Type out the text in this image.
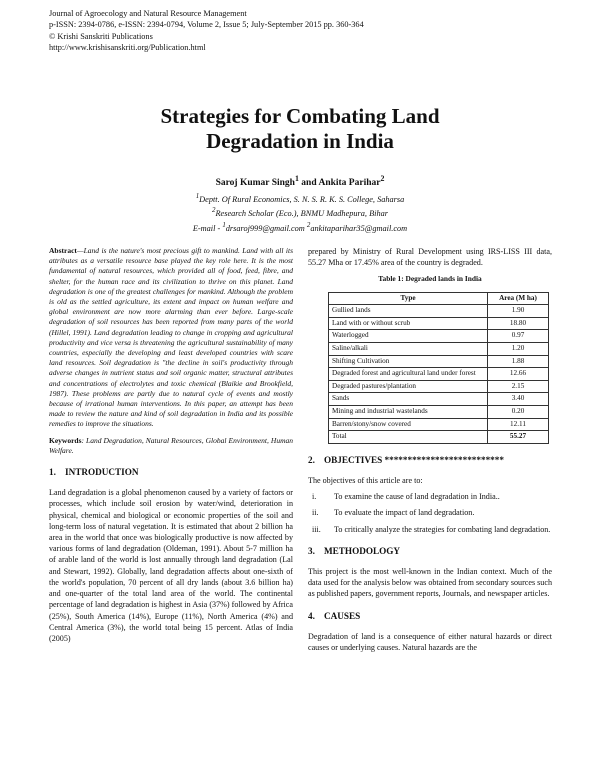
Journal of Agroecology and Natural Resource Management
p-ISSN: 2394-0786, e-ISSN: 2394-0794, Volume 2, Issue 5; July-September 2015 pp. 360-364
© Krishi Sanskriti Publications
http://www.krishisanskriti.org/Publication.html
Strategies for Combating Land
Degradation in India
Saroj Kumar Singh$^1$ and Ankita Parihar$^2$
$^1$Deptt. Of Rural Economics, S. N. S. R. K. S. College, Saharsa
$^2$Research Scholar (Eco.), BNMU Madhepura, Bihar
E-mail - $^1$drsaroj999@gmail.com $^2$ankitaparihar35@gmail.com

Abstract—Land is the nature's most precious gift to mankind. Land with all its attributes as a versatile resource base played the key role here. It is the most fundamental of natural resources, which provided all of food, feed, fibre, and shelter, for the human race and its civilization to thrive on this planet. Land degradation is one of the greatest challenges for mankind. Although the problem is old as the settled agriculture, its extent and impact on human welfare and global environment are now more alarming than ever before. Large-scale degradation of soil resources has been reported from many parts of the world (Hillel, 1991). Land degradation leading to change in cropping and agricultural productivity and vice versa is threatening the agricultural sustainability of many countries, especially the developing and least developed countries with scare land resources. Soil degradation is "the decline in soil's productivity through adverse changes in nutrient status and soil organic matter, structural attributes and concentrations of electrolytes and toxic chemical (Blaikie and Brookfield, 1987). These problems are partly due to natural cycle of events and mostly because of irrational human interventions. In this paper, an attempt has been made to review the nature and kind of soil degradation in India and its possible remedies to improve the situations.

Keywords: Land Degradation, Natural Resources, Global Environment, Human Welfare.

1. INTRODUCTION

Land degradation is a global phenomenon caused by a variety of factors or processes, which include soil erosion by water/wind, deterioration in physical, chemical and biological or economic properties of the soil and long-term loss of natural vegetation. It is estimated that about 2 billion ha area in the world that once was biologically productive is now affected by various forms of land degradation (Oldeman, 1991). About 5-7 million ha of arable land of the world is lost annually through land degradation (Lal and Stewart, 1992). Globally, land degradation affects about one-sixth of the world's population, 70 percent of all dry lands (about 3.6 billion ha) and one-quarter of the total land area of the world. The continental percentage of land degradation is highest in Asia (37%) followed by Africa (25%), South America (14%), Europe (11%), North America (4%) and Central America (3%), the world total being 15 percent. Atlas of India (2005)

prepared by Ministry of Rural Development using IRS-LISS III data, 55.27 Mha or 17.45% area of the country is degraded.

Table 1: Degraded lands in India
Type	Area (M ha)
Gullied lands	1.90
Land with or without scrub	18.80
Waterlogged	0.97
Saline/alkali	1.20
Shifting Cultivation	1.88
Degraded forest and agricultural land under forest	12.66
Degraded pastures/plantation	2.15
Sands	3.40
Mining and industrial wastelands	0.20
Barren/stony/snow covered	12.11
Total	55.27
2. OBJECTIVES **************************

The objectives of this article are to:

i.	To examine the cause of land degradation in India..
ii.	To evaluate the impact of land degradation.
iii.	To critically analyze the strategies for combating land degradation.
3. METHODOLOGY

This project is the most well-known in the Indian context. Much of the data used for the analysis below was obtained from secondary sources such as published papers, government reports, Journals, and newspaper articles.

4. CAUSES

Degradation of land is a consequence of either natural hazards or direct causes or underlying causes. Natural hazards are the
